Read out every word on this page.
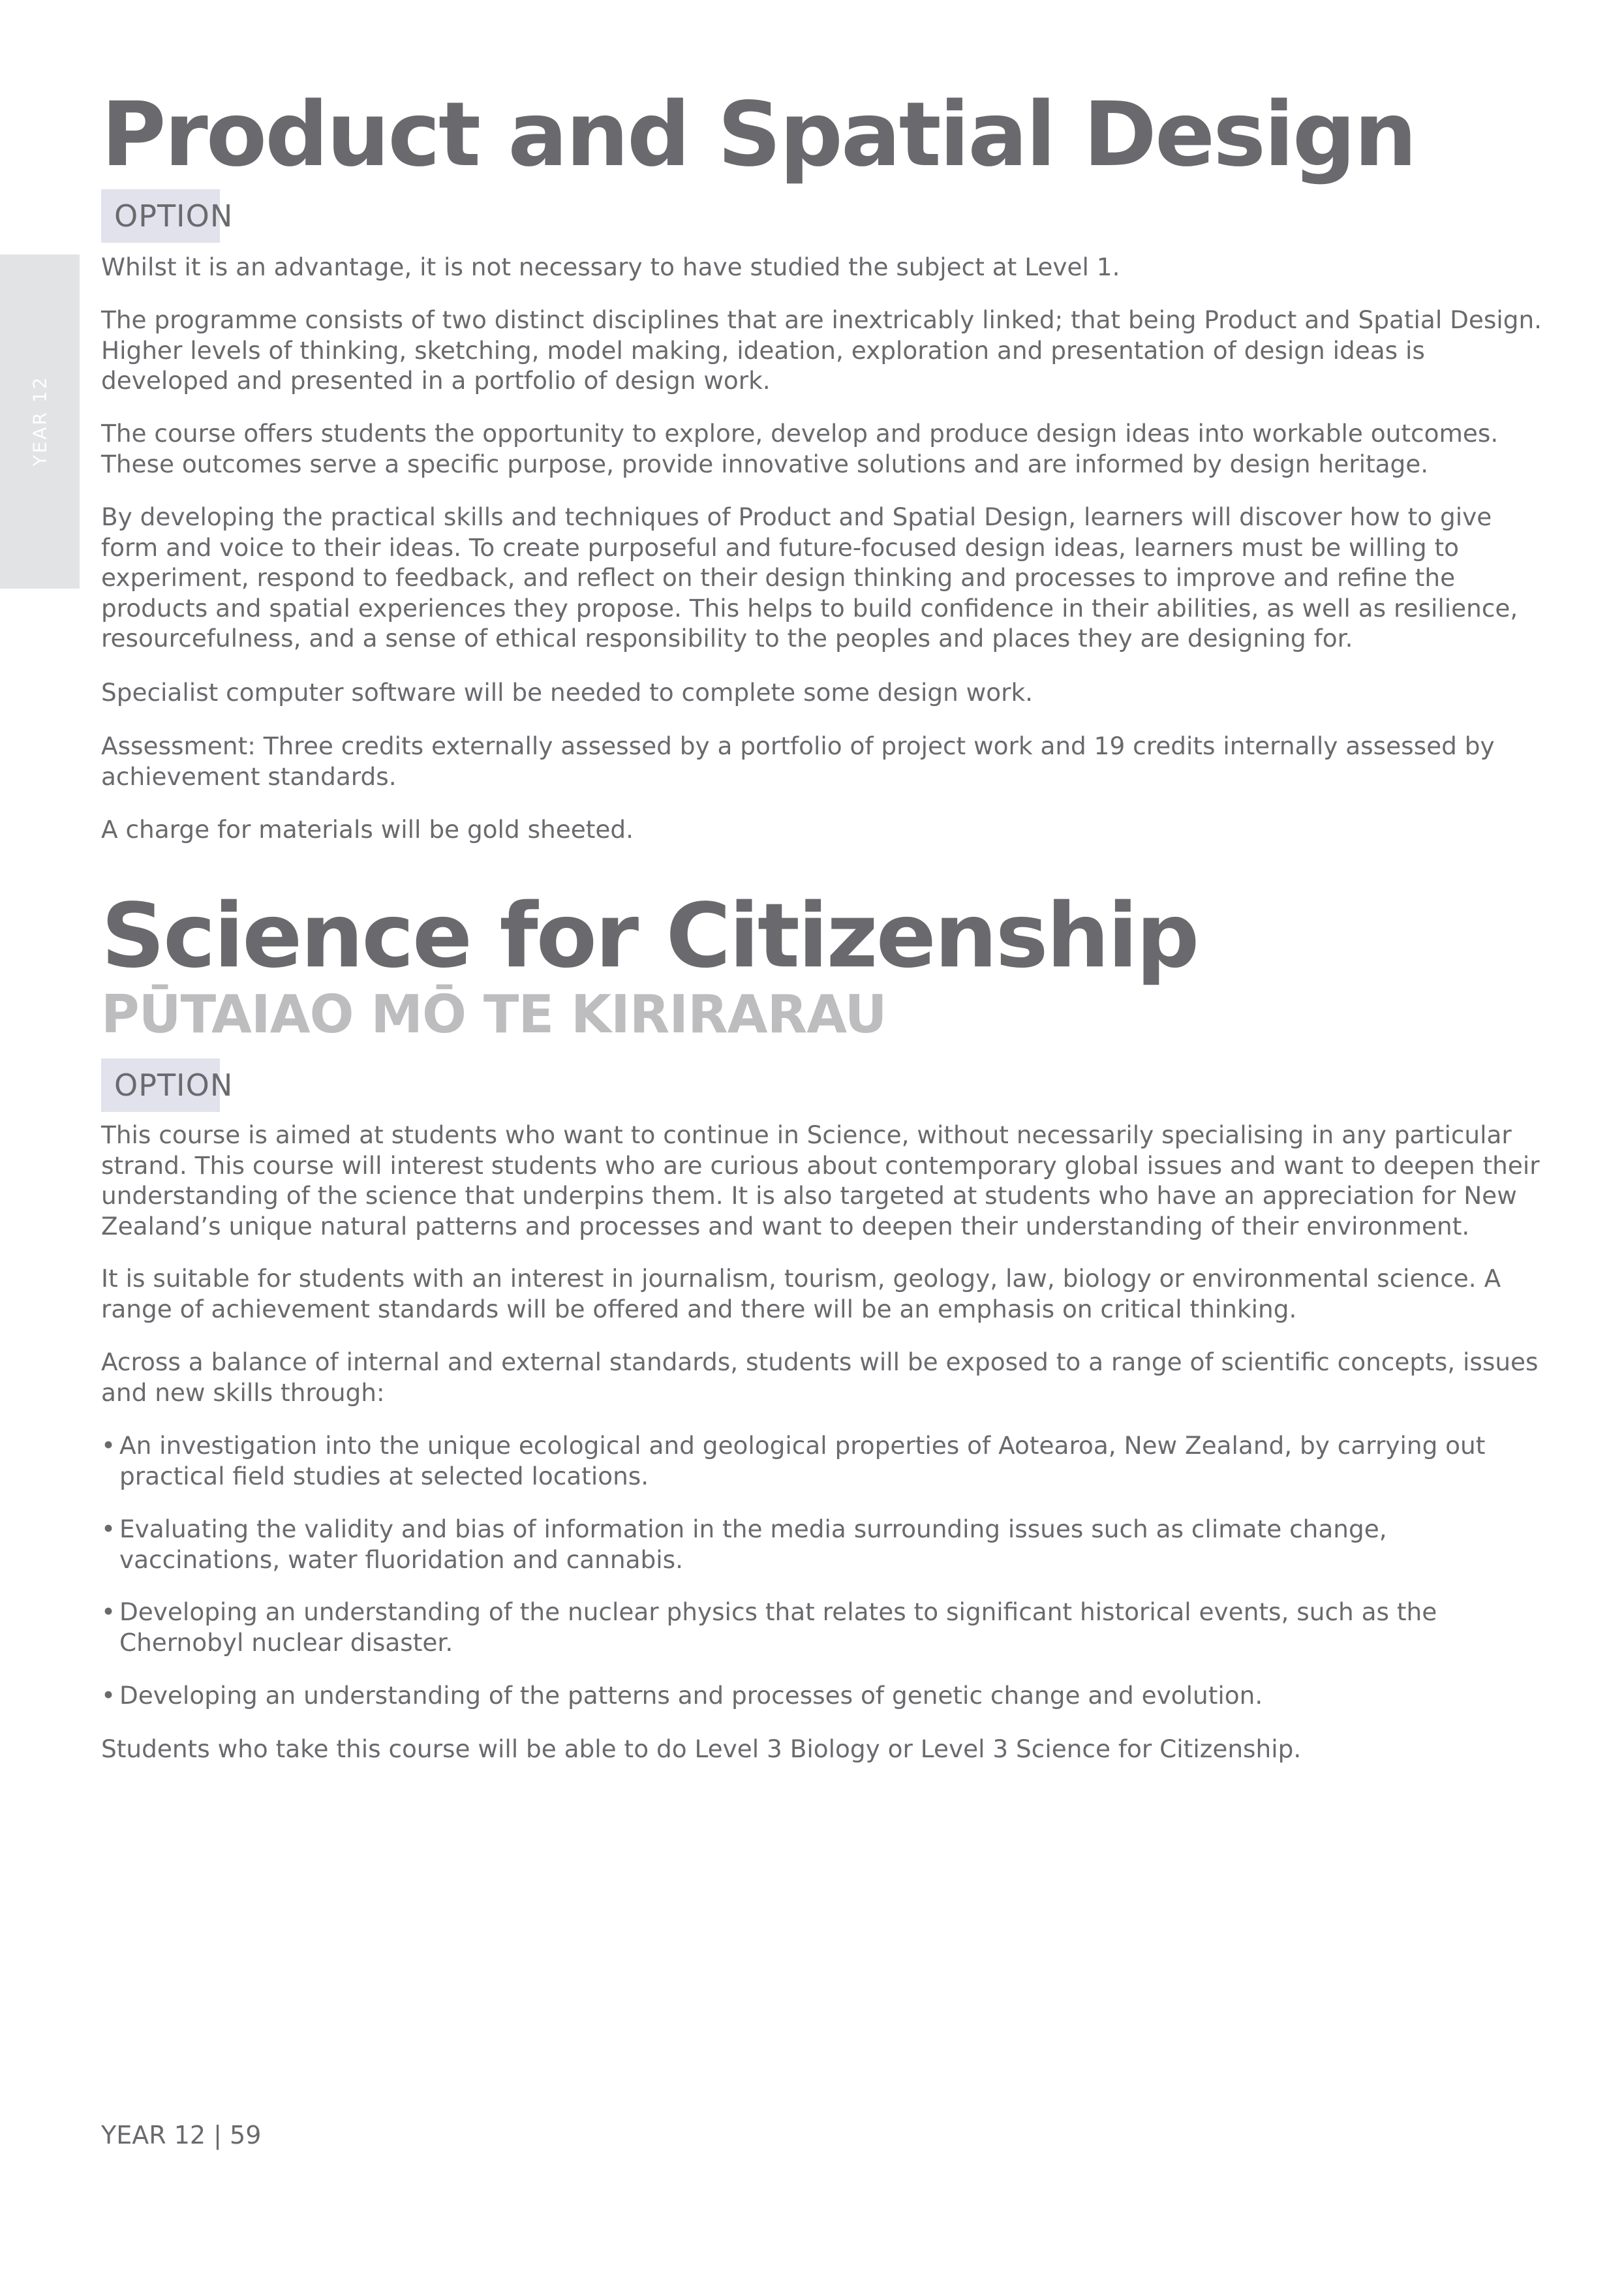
YEAR 12
Product and Spatial Design
OPTION

Whilst it is an advantage, it is not necessary to have studied the subject at Level 1.

The programme consists of two distinct disciplines that are inextricably linked; that being Product and Spatial Design. Higher levels of thinking, sketching, model making, ideation, exploration and presentation of design ideas is developed and presented in a portfolio of design work.

The course offers students the opportunity to explore, develop and produce design ideas into workable outcomes. These outcomes serve a specific purpose, provide innovative solutions and are informed by design heritage.

By developing the practical skills and techniques of Product and Spatial Design, learners will discover how to give form and voice to their ideas. To create purposeful and future-focused design ideas, learners must be willing to experiment, respond to feedback, and reflect on their design thinking and processes to improve and refine the products and spatial experiences they propose. This helps to build confidence in their abilities, as well as resilience, resourcefulness, and a sense of ethical responsibility to the peoples and places they are designing for.

Specialist computer software will be needed to complete some design work.

Assessment: Three credits externally assessed by a portfolio of project work and 19 credits internally assessed by achievement standards.

A charge for materials will be gold sheeted.

Science for Citizenship
PŪTAIAO MŌ TE KIRIRARAU
OPTION

This course is aimed at students who want to continue in Science, without necessarily specialising in any particular strand. This course will interest students who are curious about contemporary global issues and want to deepen their understanding of the science that underpins them. It is also targeted at students who have an appreciation for New Zealand’s unique natural patterns and processes and want to deepen their understanding of their environment.

It is suitable for students with an interest in journalism, tourism, geology, law, biology or environmental science. A range of achievement standards will be offered and there will be an emphasis on critical thinking.

Across a balance of internal and external standards, students will be exposed to a range of scientific concepts, issues and new skills through:

• An investigation into the unique ecological and geological properties of Aotearoa, New Zealand, by carrying out practical field studies at selected locations.
• Evaluating the validity and bias of information in the media surrounding issues such as climate change, vaccinations, water fluoridation and cannabis.
• Developing an understanding of the nuclear physics that relates to significant historical events, such as the Chernobyl nuclear disaster.
• Developing an understanding of the patterns and processes of genetic change and evolution.

Students who take this course will be able to do Level 3 Biology or Level 3 Science for Citizenship.

YEAR 12 | 59
